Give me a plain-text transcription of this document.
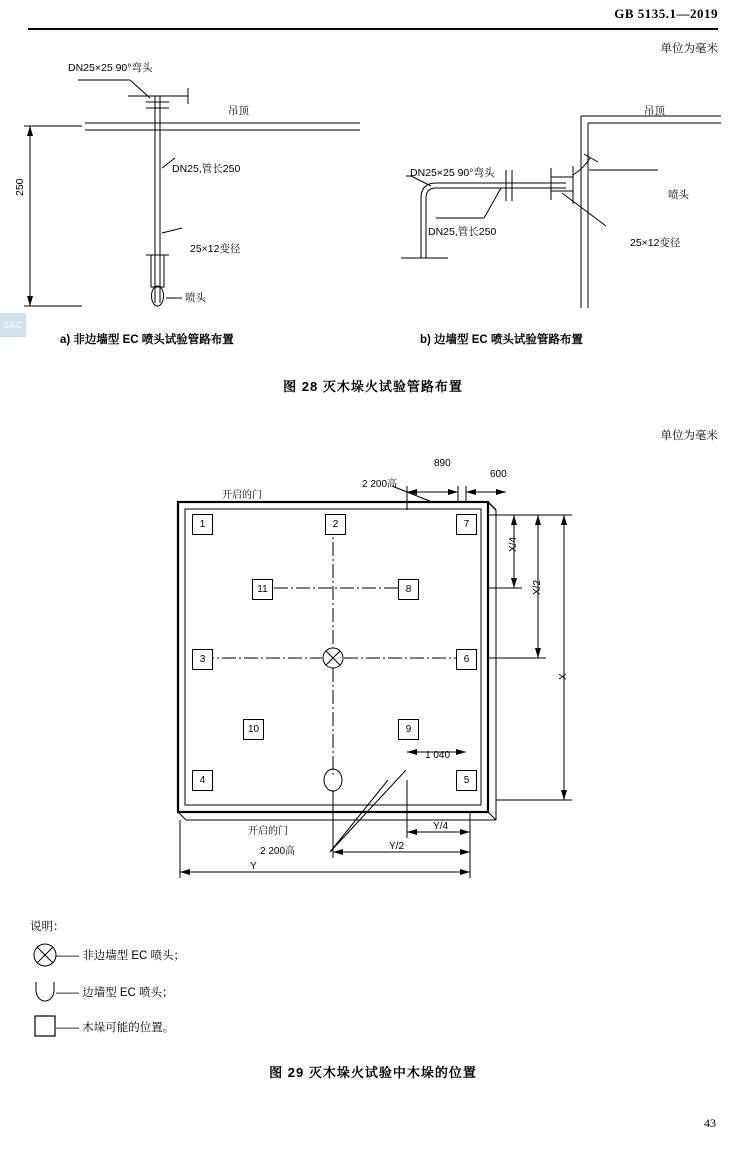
GB 5135.1—2019
SAC
单位为毫米
DN25×25 90°弯头
吊顶
DN25,管长250
25×12变径
喷头
250
吊顶
DN25×25 90°弯头
DN25,管长250
25×12变径
喷头
a) 非边墙型 EC 喷头试验管路布置	b) 边墙型 EC 喷头试验管路布置
图 28 灭木垛火试验管路布置
单位为毫米
1	2	7
11	8
3	6
10	9
4	5
开启的门
2 200高
890
600
1 040
X/4
X/2
X
Y/4
Y/2
Y
开启的门
2 200高
说明：
—— 非边墙型 EC 喷头；
—— 边墙型 EC 喷头；
—— 木垛可能的位置。
图 29 灭木垛火试验中木垛的位置
43
